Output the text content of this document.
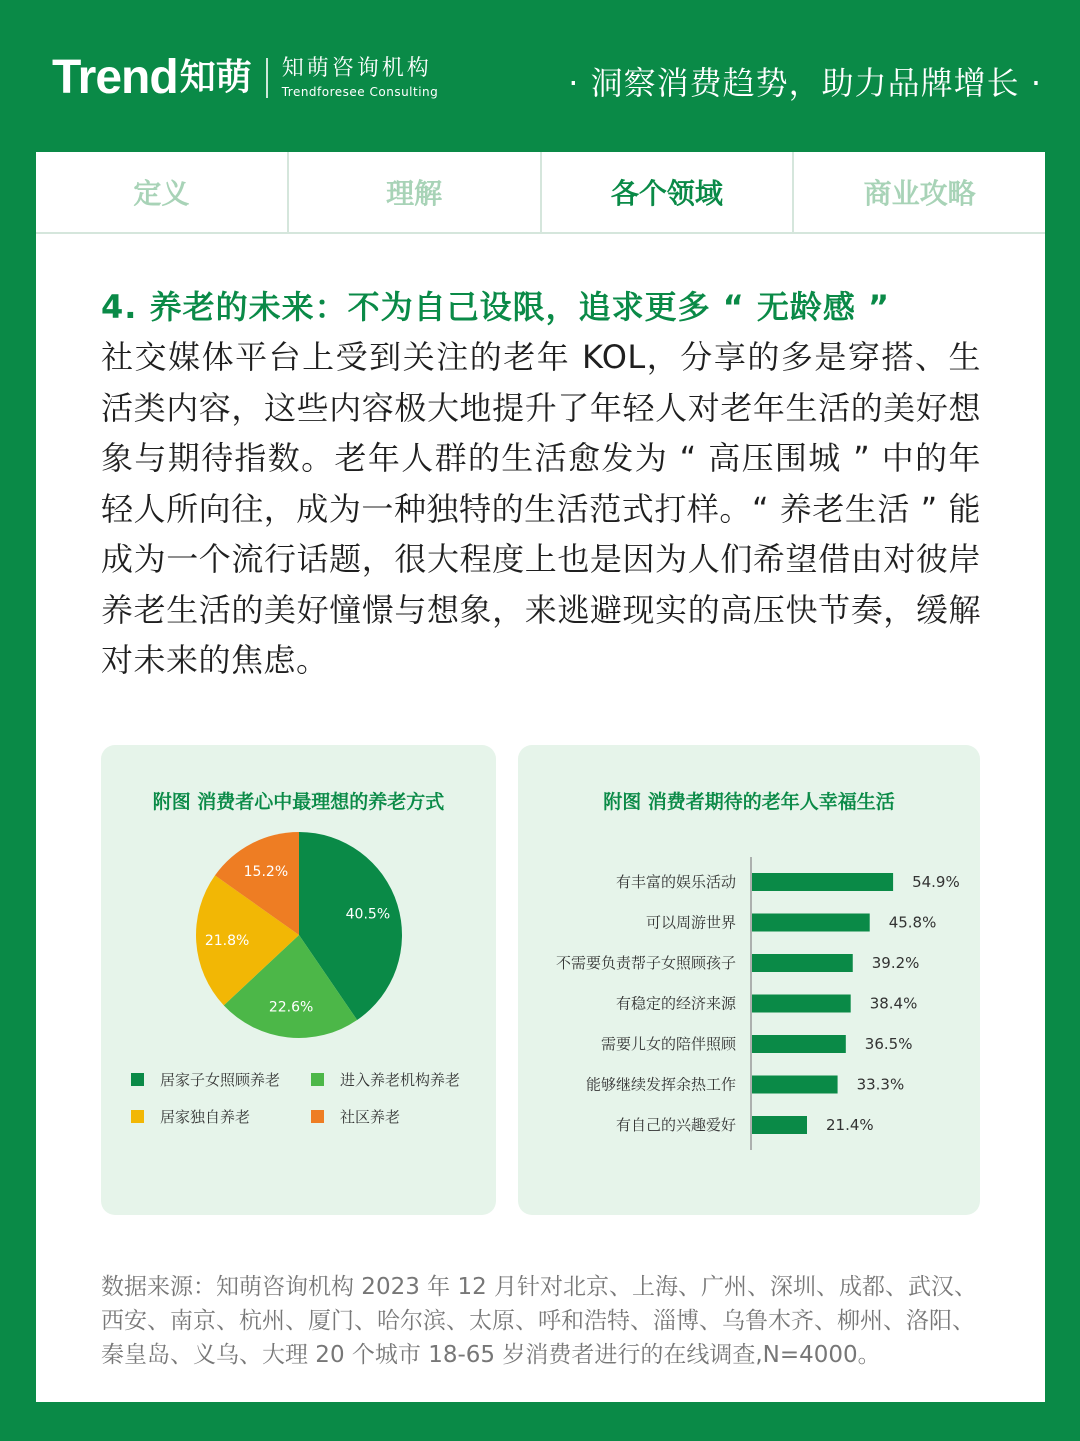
Trend 知萌 知萌咨询机构
Trendforesee Consulting	· 洞察消费趋势，助力品牌增长 ·
定义	理解	各个领域	商业攻略
4. 养老的未来：不为自己设限，追求更多 “ 无龄感 ”
社交媒体平台上受到关注的老年 KOL，分享的多是穿搭、生活类内容，这些内容极大地提升了年轻人对老年生活的美好想象与期待指数。老年人群的生活愈发为 “ 高压围城 ” 中的年轻人所向往，成为一种独特的生活范式打样。“ 养老生活 ” 能成为一个流行话题，很大程度上也是因为人们希望借由对彼岸养老生活的美好憧憬与想象，来逃避现实的高压快节奏，缓解对未来的焦虑。
附图 消费者心中最理想的养老方式
40.5%
22.6%
21.8%
15.2%
居家子女照顾养老	进入养老机构养老
居家独自养老	社区养老
附图 消费者期待的老年人幸福生活
有丰富的娱乐活动	54.9%
可以周游世界	45.8%
不需要负责帮子女照顾孩子	39.2%
有稳定的经济来源	38.4%
需要儿女的陪伴照顾	36.5%
能够继续发挥余热工作	33.3%
有自己的兴趣爱好	21.4%
数据来源：知萌咨询机构 2023 年 12 月针对北京、上海、广州、深圳、成都、武汉、西安、南京、杭州、厦门、哈尔滨、太原、呼和浩特、淄博、乌鲁木齐、柳州、洛阳、秦皇岛、义乌、大理 20 个城市 18-65 岁消费者进行的在线调查,N=4000。
